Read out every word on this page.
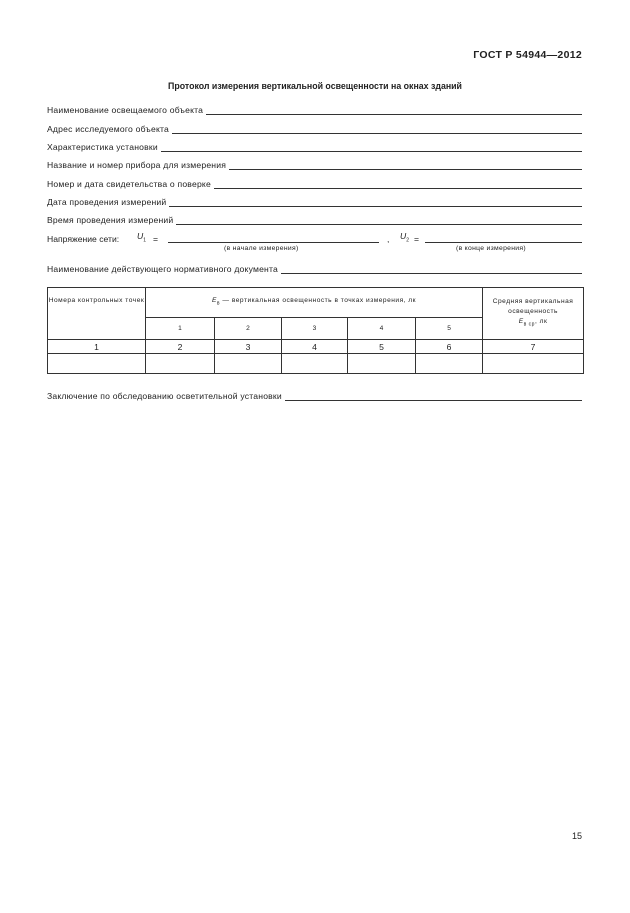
ГОСТ Р 54944—2012
Протокол измерения вертикальной освещенности на окнах зданий
Наименование освещаемого объекта
Адрес исследуемого объекта
Характеристика установки
Название и номер прибора для измерения
Номер и дата свидетельства о поверке
Дата проведения измерений
Время проведения измерений
Напряжение сети: $U_1$ =	, $U_2$ =
(в начале измерения)	(в конце измерения)
Наименование действующего нормативного документа
Номера контрольных точек	$E_в$ — вертикальная освещенность в точках измерения, лк					Средняя вертикальная освещенность
$E_{в ср}$, лк
	1	2	3	4	5	
1	2	3	4	5	6	7

Заключение по обследованию осветительной установки
15
